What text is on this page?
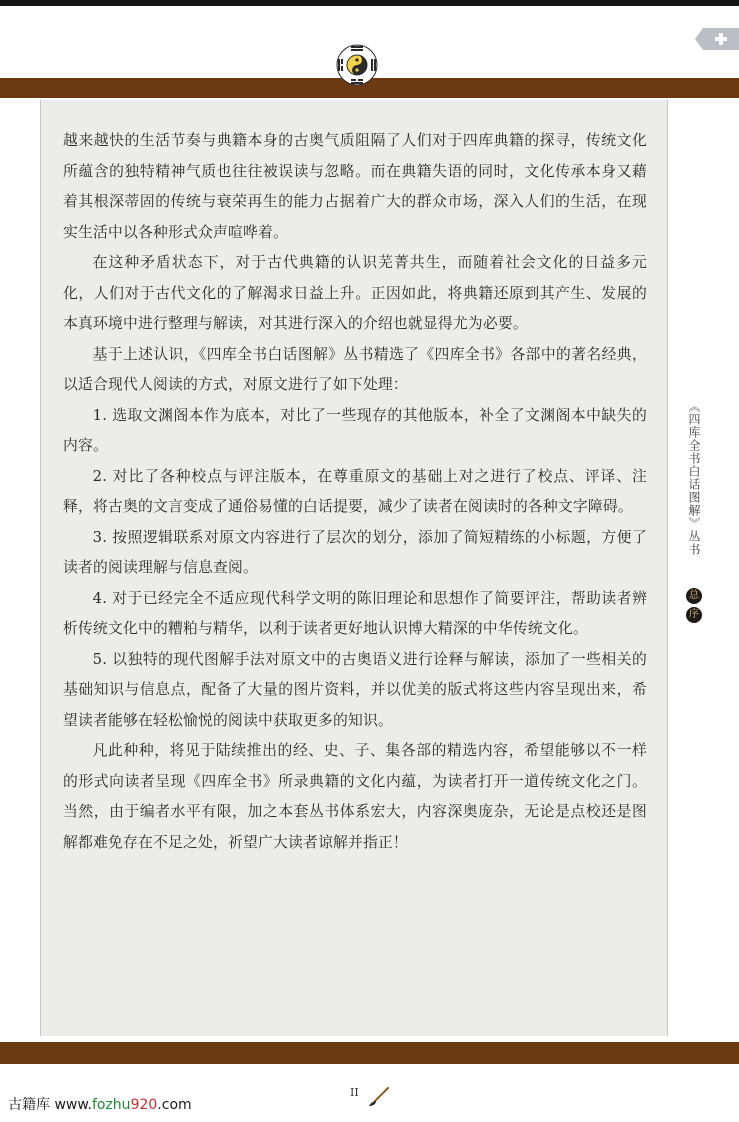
越来越快的生活节奏与典籍本身的古奥气质阻隔了人们对于四库典籍的探寻，传统文化所蕴含的独特精神气质也往往被误读与忽略。而在典籍失语的同时，文化传承本身又藉着其根深蒂固的传统与衰荣再生的能力占据着广大的群众市场，深入人们的生活，在现实生活中以各种形式众声喧哗着。

在这种矛盾状态下，对于古代典籍的认识芜菁共生，而随着社会文化的日益多元化，人们对于古代文化的了解渴求日益上升。正因如此，将典籍还原到其产生、发展的本真环境中进行整理与解读，对其进行深入的介绍也就显得尤为必要。

基于上述认识，《四库全书白话图解》丛书精选了《四库全书》各部中的著名经典，以适合现代人阅读的方式，对原文进行了如下处理：

1. 选取文渊阁本作为底本，对比了一些现存的其他版本，补全了文渊阁本中缺失的内容。

2. 对比了各种校点与评注版本，在尊重原文的基础上对之进行了校点、评译、注释，将古奥的文言变成了通俗易懂的白话提要，减少了读者在阅读时的各种文字障碍。

3. 按照逻辑联系对原文内容进行了层次的划分，添加了简短精练的小标题，方便了读者的阅读理解与信息查阅。

4. 对于已经完全不适应现代科学文明的陈旧理论和思想作了简要评注，帮助读者辨析传统文化中的糟粕与精华，以利于读者更好地认识博大精深的中华传统文化。

5. 以独特的现代图解手法对原文中的古奥语义进行诠释与解读，添加了一些相关的基础知识与信息点，配备了大量的图片资料，并以优美的版式将这些内容呈现出来，希望读者能够在轻松愉悦的阅读中获取更多的知识。

凡此种种，将见于陆续推出的经、史、子、集各部的精选内容，希望能够以不一样的形式向读者呈现《四库全书》所录典籍的文化内蕴，为读者打开一道传统文化之门。当然，由于编者水平有限，加之本套丛书体系宏大，内容深奥庞杂，无论是点校还是图解都难免存在不足之处，祈望广大读者谅解并指正！

《四库全书白话图解》丛书
总
序
古籍库 www.fozhu920.com
II
